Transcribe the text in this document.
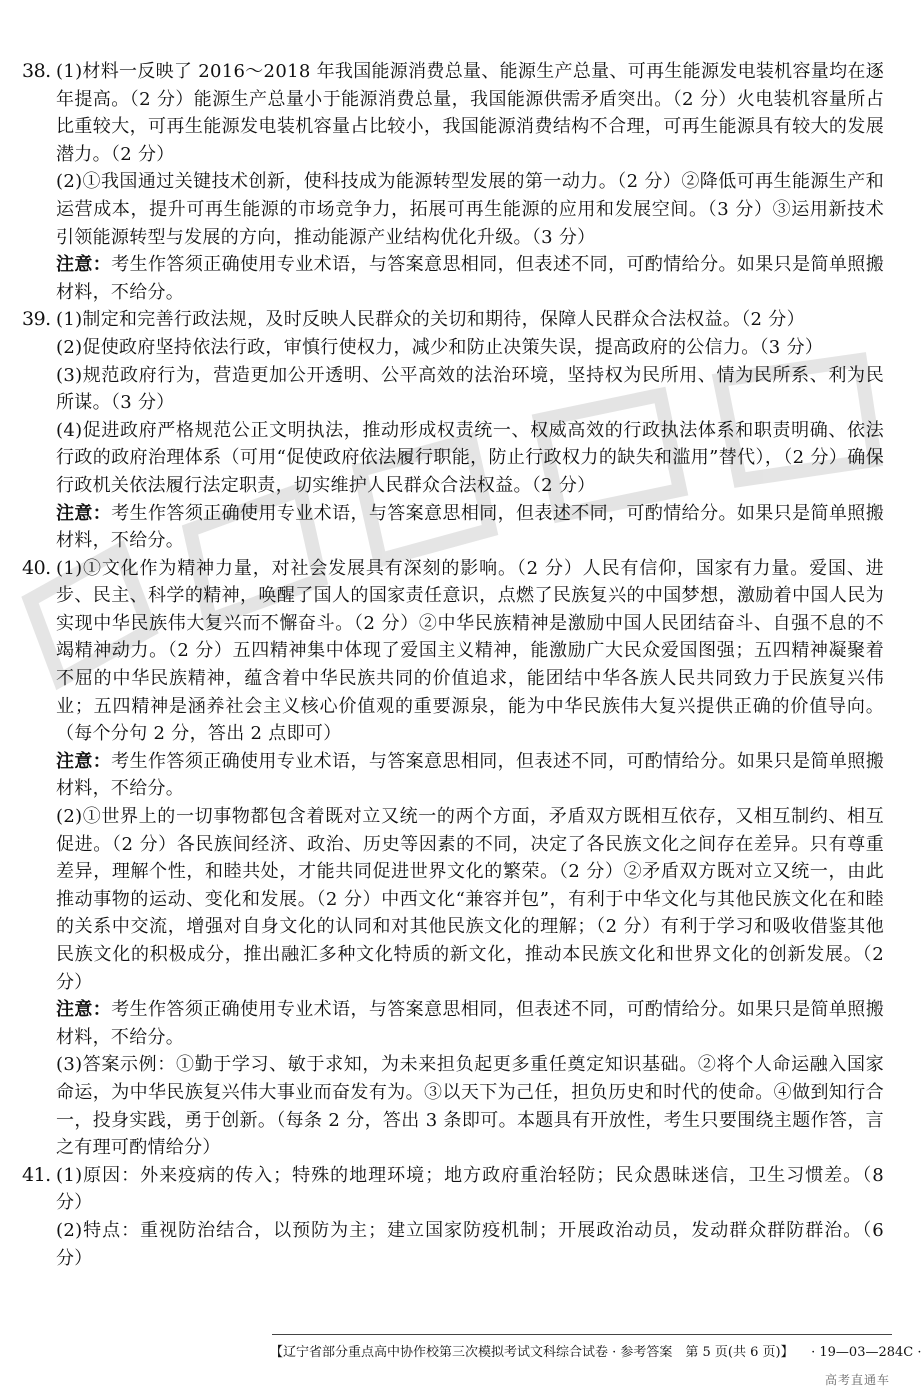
38. (1)材料一反映了 2016～2018 年我国能源消费总量、能源生产总量、可再生能源发电装机容量均在逐年提高。（2 分）能源生产总量小于能源消费总量，我国能源供需矛盾突出。（2 分）火电装机容量所占比重较大，可再生能源发电装机容量占比较小，我国能源消费结构不合理，可再生能源具有较大的发展潜力。（2 分）

(2)①我国通过关键技术创新，使科技成为能源转型发展的第一动力。（2 分）②降低可再生能源生产和运营成本，提升可再生能源的市场竞争力，拓展可再生能源的应用和发展空间。（3 分）③运用新技术引领能源转型与发展的方向，推动能源产业结构优化升级。（3 分）

注意：考生作答须正确使用专业术语，与答案意思相同，但表述不同，可酌情给分。如果只是简单照搬材料，不给分。

39. (1)制定和完善行政法规，及时反映人民群众的关切和期待，保障人民群众合法权益。（2 分）

(2)促使政府坚持依法行政，审慎行使权力，减少和防止决策失误，提高政府的公信力。（3 分）

(3)规范政府行为，营造更加公开透明、公平高效的法治环境，坚持权为民所用、情为民所系、利为民所谋。（3 分）

(4)促进政府严格规范公正文明执法，推动形成权责统一、权威高效的行政执法体系和职责明确、依法行政的政府治理体系（可用“促使政府依法履行职能，防止行政权力的缺失和滥用”替代），（2 分）确保行政机关依法履行法定职责，切实维护人民群众合法权益。（2 分）

注意：考生作答须正确使用专业术语，与答案意思相同，但表述不同，可酌情给分。如果只是简单照搬材料，不给分。

40. (1)①文化作为精神力量，对社会发展具有深刻的影响。（2 分）人民有信仰，国家有力量。爱国、进步、民主、科学的精神，唤醒了国人的国家责任意识，点燃了民族复兴的中国梦想，激励着中国人民为实现中华民族伟大复兴而不懈奋斗。（2 分）②中华民族精神是激励中国人民团结奋斗、自强不息的不竭精神动力。（2 分）五四精神集中体现了爱国主义精神，能激励广大民众爱国图强；五四精神凝聚着不屈的中华民族精神，蕴含着中华民族共同的价值追求，能团结中华各族人民共同致力于民族复兴伟业；五四精神是涵养社会主义核心价值观的重要源泉，能为中华民族伟大复兴提供正确的价值导向。（每个分句 2 分，答出 2 点即可）

注意：考生作答须正确使用专业术语，与答案意思相同，但表述不同，可酌情给分。如果只是简单照搬材料，不给分。

(2)①世界上的一切事物都包含着既对立又统一的两个方面，矛盾双方既相互依存，又相互制约、相互促进。（2 分）各民族间经济、政治、历史等因素的不同，决定了各民族文化之间存在差异。只有尊重差异，理解个性，和睦共处，才能共同促进世界文化的繁荣。（2 分）②矛盾双方既对立又统一，由此推动事物的运动、变化和发展。（2 分）中西文化“兼容并包”，有利于中华文化与其他民族文化在和睦的关系中交流，增强对自身文化的认同和对其他民族文化的理解；（2 分）有利于学习和吸收借鉴其他民族文化的积极成分，推出融汇多种文化特质的新文化，推动本民族文化和世界文化的创新发展。（2 分）

注意：考生作答须正确使用专业术语，与答案意思相同，但表述不同，可酌情给分。如果只是简单照搬材料，不给分。

(3)答案示例：①勤于学习、敏于求知，为未来担负起更多重任奠定知识基础。②将个人命运融入国家命运，为中华民族复兴伟大事业而奋发有为。③以天下为己任，担负历史和时代的使命。④做到知行合一，投身实践，勇于创新。（每条 2 分，答出 3 条即可。本题具有开放性，考生只要围绕主题作答，言之有理可酌情给分）

41. (1)原因：外来疫病的传入；特殊的地理环境；地方政府重治轻防；民众愚昧迷信，卫生习惯差。（8 分）

(2)特点：重视防治结合，以预防为主；建立国家防疫机制；开展政治动员，发动群众群防群治。（6 分）

【辽宁省部分重点高中协作校第三次模拟考试文科综合试卷 · 参考答案　第 5 页(共 6 页)】 · 19—03—284C ·
高考直通车
